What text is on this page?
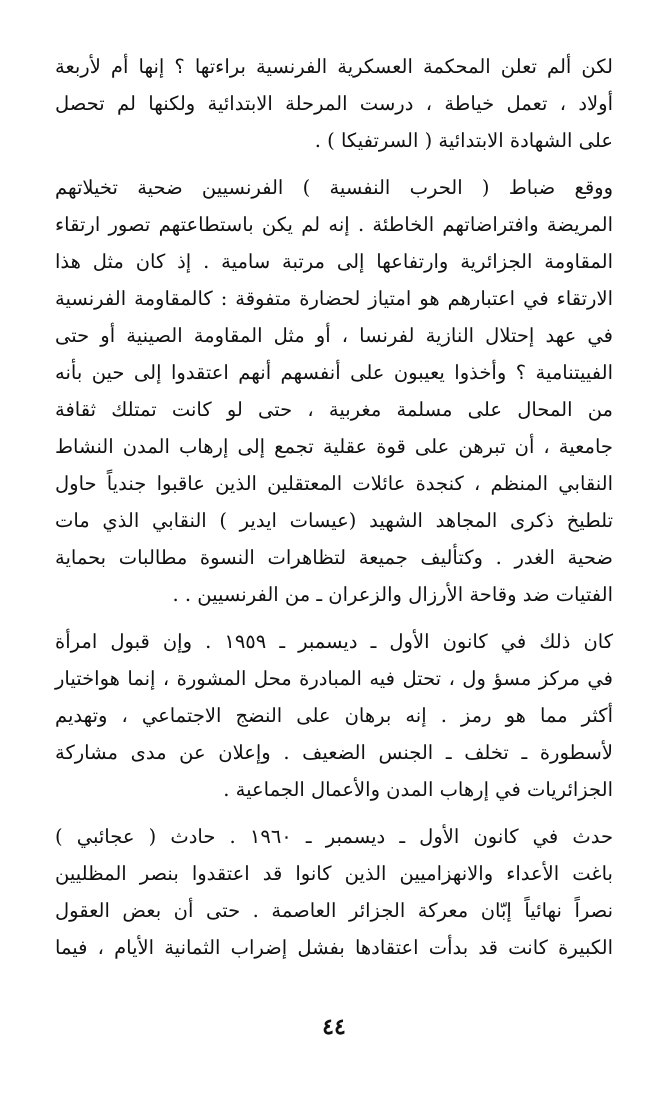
لكن ألم تعلن المحكمة العسكرية الفرنسية براءتها ؟ إنها أم لأربعة
أولاد ، تعمل خياطة ، درست المرحلة الابتدائية ولكنها لم تحصل
على الشهادة الابتدائية ( السرتفيكا ) .
ووقع ضباط ( الحرب النفسية ) الفرنسيين ضحية تخيلاتهم
المريضة وافتراضاتهم الخاطئة . إنه لم يكن باستطاعتهم تصور ارتقاء
المقاومة الجزائرية وارتفاعها إلى مرتبة سامية . إذ كان مثل هذا
الارتقاء في اعتبارهم هو امتياز لحضارة متفوقة : كالمقاومة الفرنسية
في عهد إحتلال النازية لفرنسا ، أو مثل المقاومة الصينية أو حتى
الفييتنامية ؟ وأخذوا يعيبون على أنفسهم أنهم اعتقدوا إلى حين بأنه
من المحال على مسلمة مغربية ، حتى لو كانت تمتلك ثقافة
جامعية ، أن تبرهن على قوة عقلية تجمع إلى إرهاب المدن النشاط
النقابي المنظم ، كنجدة عائلات المعتقلين الذين عاقبوا جندياً حاول
تلطيخ ذكرى المجاهد الشهيد (عيسات ايدير ) النقابي الذي مات
ضحية الغدر . وكتأليف جميعة لتظاهرات النسوة مطالبات بحماية
الفتيات ضد وقاحة الأرزال والزعران ـ من الفرنسيين . .
كان ذلك في كانون الأول ـ ديسمبر ـ ١٩٥٩ . وإن قبول امرأة
في مركز مسؤ ول ، تحتل فيه المبادرة محل المشورة ، إنما هواختيار
أكثر مما هو رمز . إنه برهان على النضج الاجتماعي ، وتهديم
لأسطورة ـ تخلف ـ الجنس الضعيف . وإعلان عن مدى مشاركة
الجزائريات في إرهاب المدن والأعمال الجماعية .
حدث في كانون الأول ـ ديسمبر ـ ١٩٦٠ . حادث ( عجائبي )
باغت الأعداء والانهزاميين الذين كانوا قد اعتقدوا بنصر المظليين
نصراً نهائياً إبّان معركة الجزائر العاصمة . حتى أن بعض العقول
الكبيرة كانت قد بدأت اعتقادها بفشل إضراب الثمانية الأيام ، فيما
٤٤
